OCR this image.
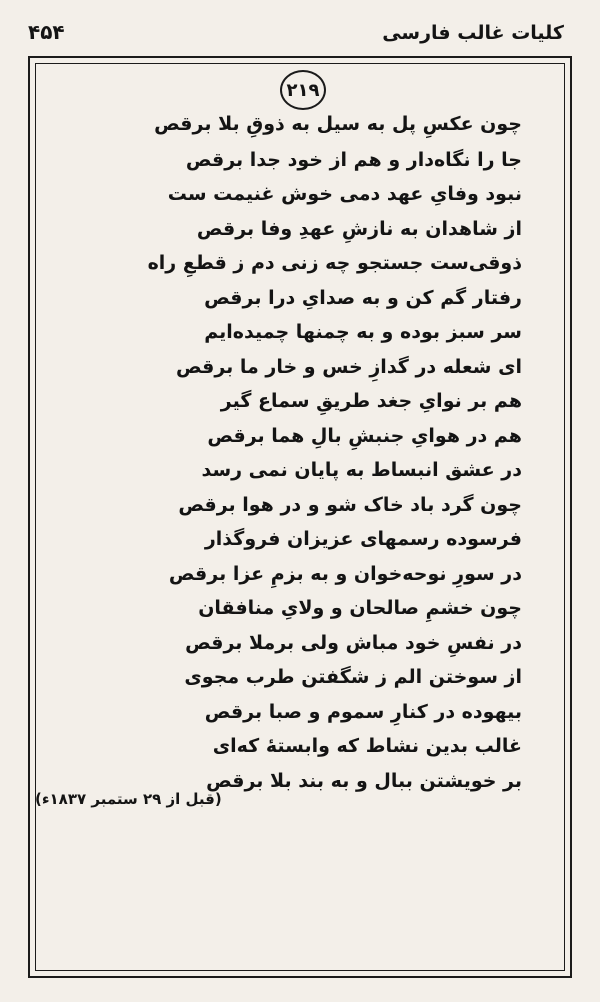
کلیات غالب فارسی
۴۵۴
۲۱۹
چون عکسِ پل به سیل به ذوقِ بلا برقص
جا را نگاه‌دار و هم از خود جدا برقص
نبود وفایِ عهد دمی خوش غنیمت ست
از شاهدان به نازشِ عهدِ وفا برقص
ذوقی‌ست جستجو چه زنی دم ز قطعِ راه
رفتار گم کن و به صدایِ درا برقص
سر سبز بوده و به چمنها چمیده‌ایم
ای شعله در گدازِ خس و خار ما برقص
هم بر نوایِ جغد طریقِ سماع گیر
هم در هوایِ جنبشِ بالِ هما برقص
در عشق انبساط به پایان نمی رسد
چون گرد باد خاک شو و در هوا برقص
فرسوده رسمهای عزیزان فروگذار
در سورِ نوحه‌خوان و به بزمِ عزا برقص
چون خشمِ صالحان و ولایِ منافقان
در نفسِ خود مباش ولی برملا برقص
از سوختن الم ز شگفتن طرب مجوی
بیهوده در کنارِ سموم و صبا برقص
غالب بدین نشاط که وابستهٔ که‌ای
بر خویشتن ببال و به بند بلا برقص
(قبل از ۲۹ ستمبر ۱۸۳۷ء)
